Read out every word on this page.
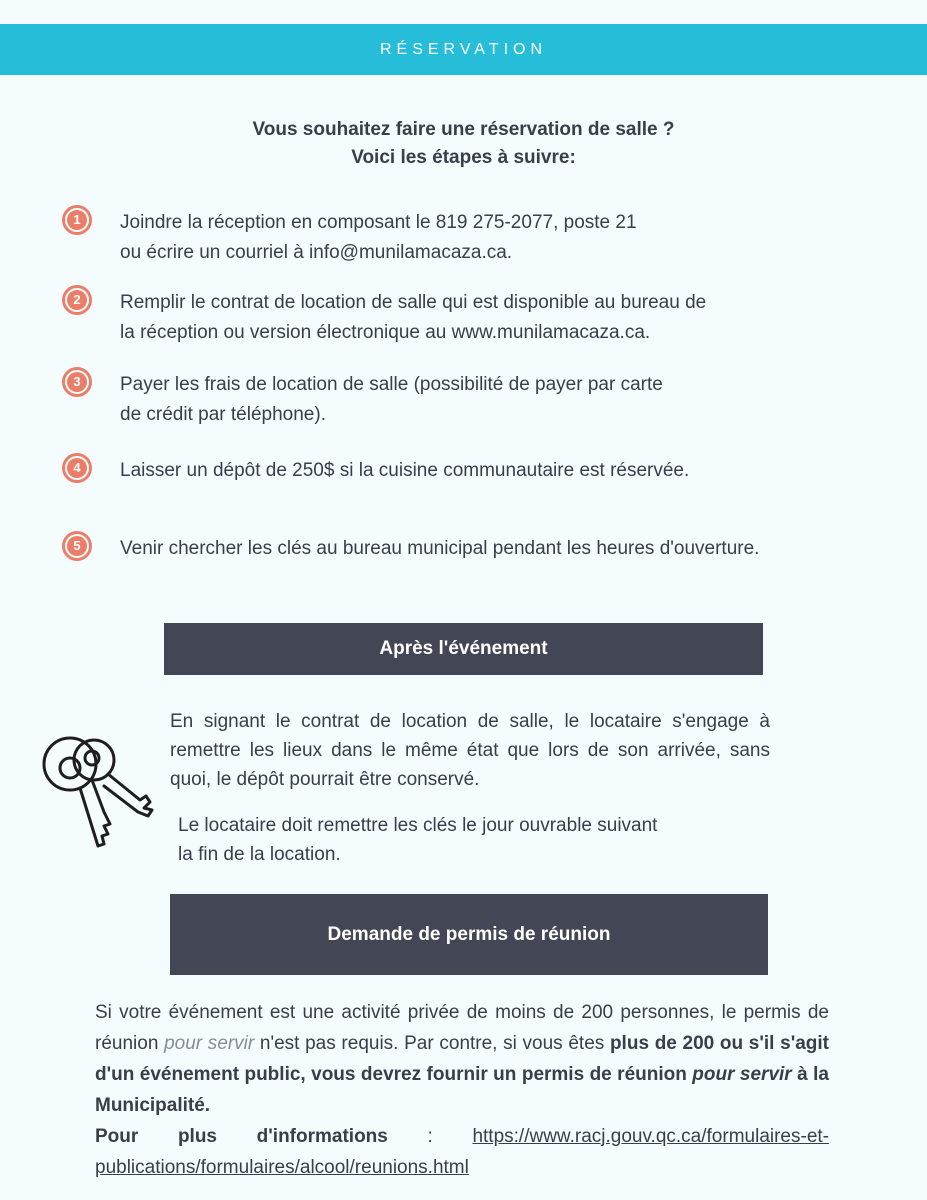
RÉSERVATION
Vous souhaitez faire une réservation de salle ?
Voici les étapes à suivre:
1	Joindre la réception en composant le 819 275-2077, poste 21
ou écrire un courriel à info@munilamacaza.ca.
2	Remplir le contrat de location de salle qui est disponible au bureau de
la réception ou version électronique au www.munilamacaza.ca.
3	Payer les frais de location de salle (possibilité de payer par carte
de crédit par téléphone).
4	Laisser un dépôt de 250$ si la cuisine communautaire est réservée.
5	Venir chercher les clés au bureau municipal pendant les heures d'ouverture.
Après l'événement
En signant le contrat de location de salle, le locataire s'engage à remettre les lieux dans le même état que lors de son arrivée, sans quoi, le dépôt pourrait être conservé.
Le locataire doit remettre les clés le jour ouvrable suivant
la fin de la location.
Demande de permis de réunion
Si votre événement est une activité privée de moins de 200 personnes, le permis de réunion pour servir n'est pas requis. Par contre, si vous êtes plus de 200 ou s'il s'agit d'un événement public, vous devrez fournir un permis de réunion pour servir à la Municipalité.
Pour plus d'informations : https://www.racj.gouv.qc.ca/formulaires-et-publications/formulaires/alcool/reunions.html
